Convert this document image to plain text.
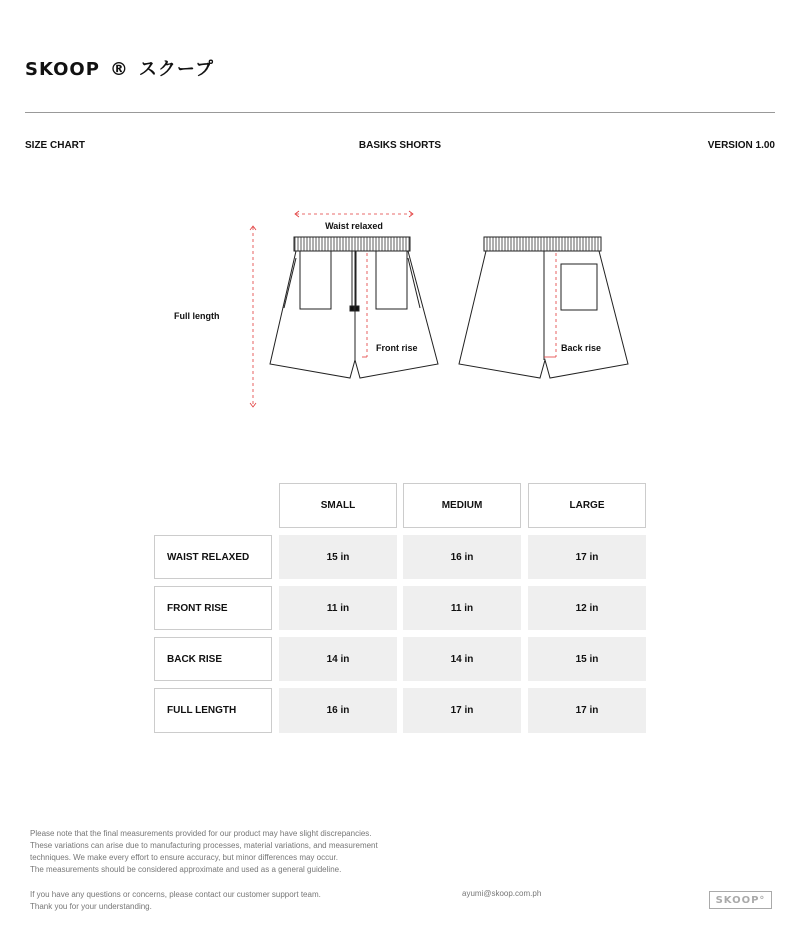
SKOOP ® スクープ
SIZE CHART	BASIKS SHORTS	VERSION 1.00
Waist relaxed
Full length
Front rise	Back rise
SMALL	MEDIUM	LARGE
WAIST RELAXED	15 in	16 in	17 in
FRONT RISE	11 in	11 in	12 in
BACK RISE	14 in	14 in	15 in
FULL LENGTH	16 in	17 in	17 in
Please note that the final measurements provided for our product may have slight discrepancies.
These variations can arise due to manufacturing processes, material variations, and measurement
techniques. We make every effort to ensure accuracy, but minor differences may occur.
The measurements should be considered approximate and used as a general guideline.
If you have any questions or concerns, please contact our customer support team.
Thank you for your understanding.
ayumi@skoop.com.ph
SKOOP°
